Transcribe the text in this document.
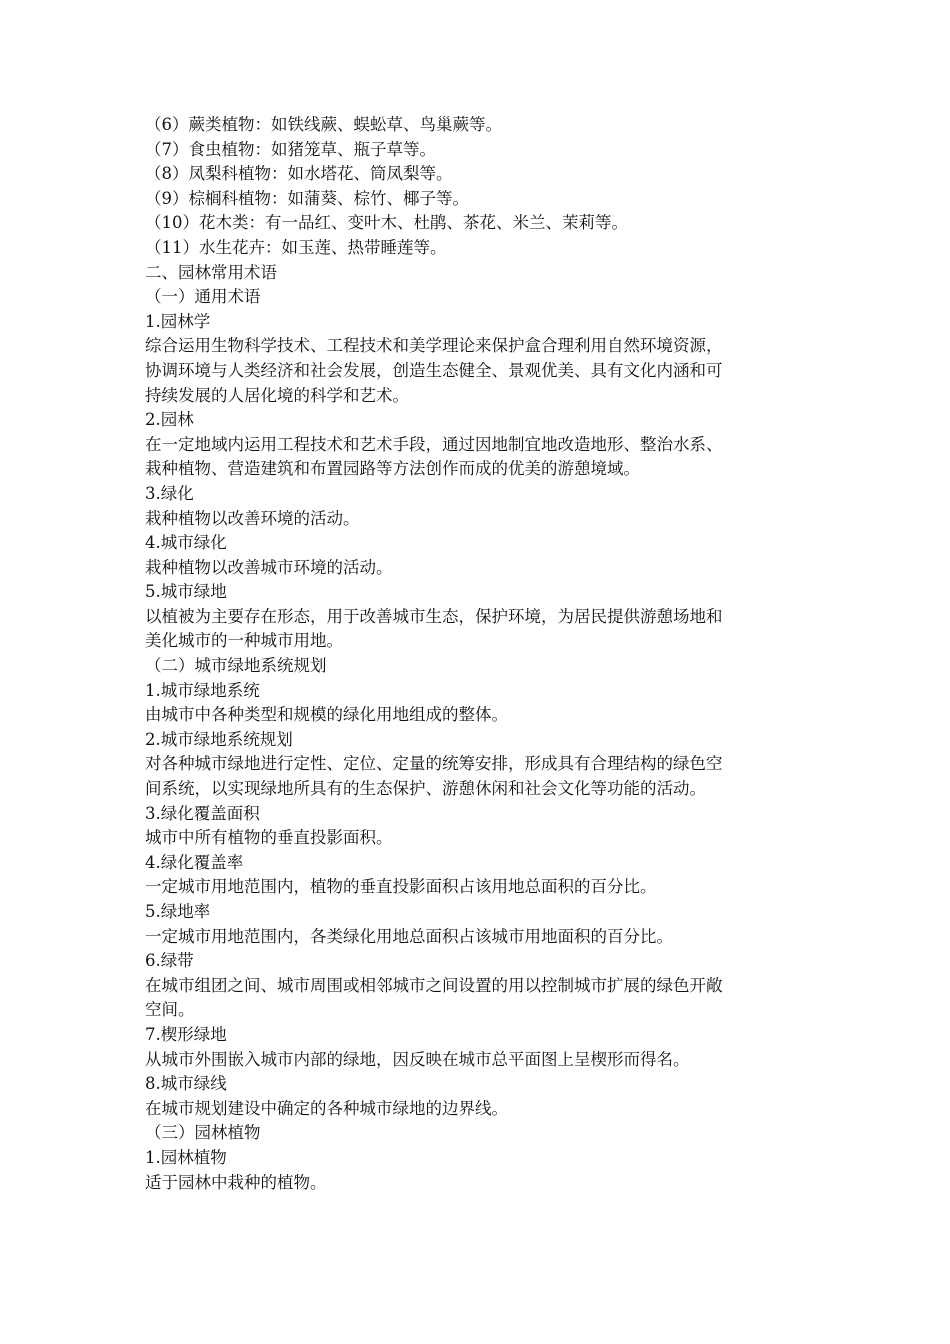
（6）蕨类植物：如铁线蕨、蜈蚣草、鸟巢蕨等。
（7）食虫植物：如猪笼草、瓶子草等。
（8）凤梨科植物：如水塔花、筒凤梨等。
（9）棕榈科植物：如蒲葵、棕竹、椰子等。
（10）花木类：有一品红、变叶木、杜鹃、茶花、米兰、茉莉等。
（11）水生花卉：如玉莲、热带睡莲等。
二、园林常用术语
（一）通用术语
1.园林学
综合运用生物科学技术、工程技术和美学理论来保护盒合理利用自然环境资源，
协调环境与人类经济和社会发展，创造生态健全、景观优美、具有文化内涵和可
持续发展的人居化境的科学和艺术。
2.园林
在一定地域内运用工程技术和艺术手段，通过因地制宜地改造地形、整治水系、
栽种植物、营造建筑和布置园路等方法创作而成的优美的游憩境域。
3.绿化
栽种植物以改善环境的活动。
4.城市绿化
栽种植物以改善城市环境的活动。
5.城市绿地
以植被为主要存在形态，用于改善城市生态，保护环境，为居民提供游憩场地和
美化城市的一种城市用地。
（二）城市绿地系统规划
1.城市绿地系统
由城市中各种类型和规模的绿化用地组成的整体。
2.城市绿地系统规划
对各种城市绿地进行定性、定位、定量的统筹安排，形成具有合理结构的绿色空
间系统，以实现绿地所具有的生态保护、游憩休闲和社会文化等功能的活动。
3.绿化覆盖面积
城市中所有植物的垂直投影面积。
4.绿化覆盖率
一定城市用地范围内，植物的垂直投影面积占该用地总面积的百分比。
5.绿地率
一定城市用地范围内，各类绿化用地总面积占该城市用地面积的百分比。
6.绿带
在城市组团之间、城市周围或相邻城市之间设置的用以控制城市扩展的绿色开敞
空间。
7.楔形绿地
从城市外围嵌入城市内部的绿地，因反映在城市总平面图上呈楔形而得名。
8.城市绿线
在城市规划建设中确定的各种城市绿地的边界线。
（三）园林植物
1.园林植物
适于园林中栽种的植物。
